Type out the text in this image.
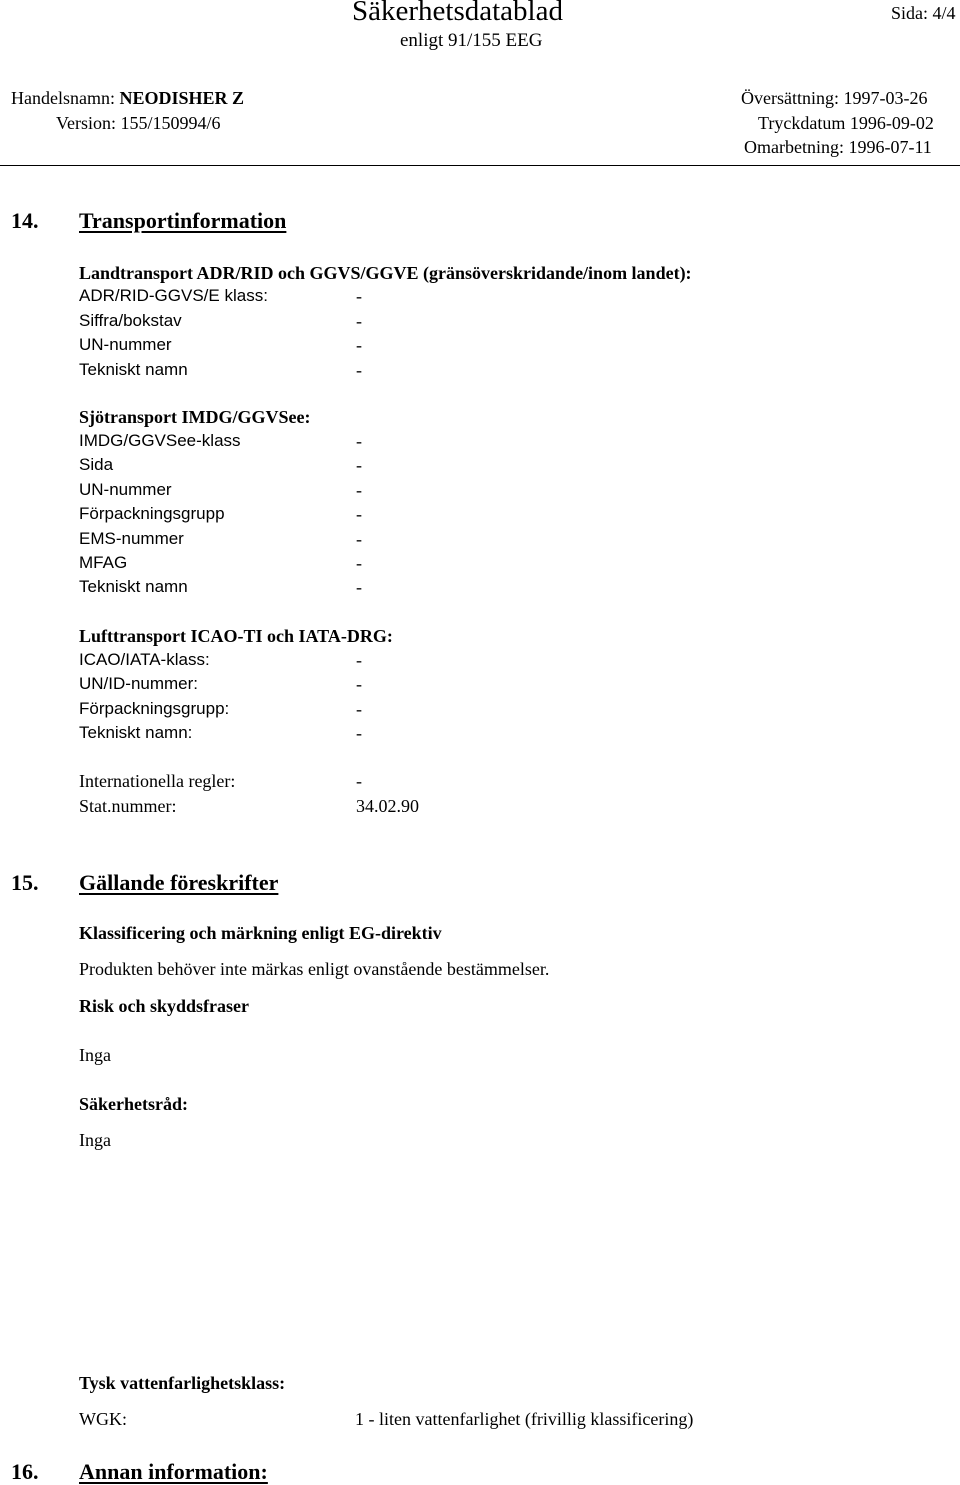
Säkerhetsdatablad	Sida: 4/4
enligt 91/155 EEG
Handelsnamn: NEODISHER Z
Version: 155/150994/6
Översättning: 1997-03-26
Tryckdatum 1996-09-02
Omarbetning: 1996-07-11
14. Transportinformation
Landtransport ADR/RID och GGVS/GGVE (gränsöverskridande/inom landet):
ADR/RID-GGVS/E klass:	-
Siffra/bokstav	-
UN-nummer	-
Tekniskt namn	-
Sjötransport IMDG/GGVSee:
IMDG/GGVSee-klass	-
Sida	-
UN-nummer	-
Förpackningsgrupp	-
EMS-nummer	-
MFAG	-
Tekniskt namn	-
Lufttransport ICAO-TI och IATA-DRG:
ICAO/IATA-klass:	-
UN/ID-nummer:	-
Förpackningsgrupp:	-
Tekniskt namn:	-
Internationella regler:	-
Stat.nummer:	34.02.90
15. Gällande föreskrifter
Klassificering och märkning enligt EG-direktiv
Produkten behöver inte märkas enligt ovanstående bestämmelser.
Risk och skyddsfraser
Inga
Säkerhetsråd:
Inga
Tysk vattenfarlighetsklass:
WGK:	1 - liten vattenfarlighet (frivillig klassificering)
16. Annan information:
